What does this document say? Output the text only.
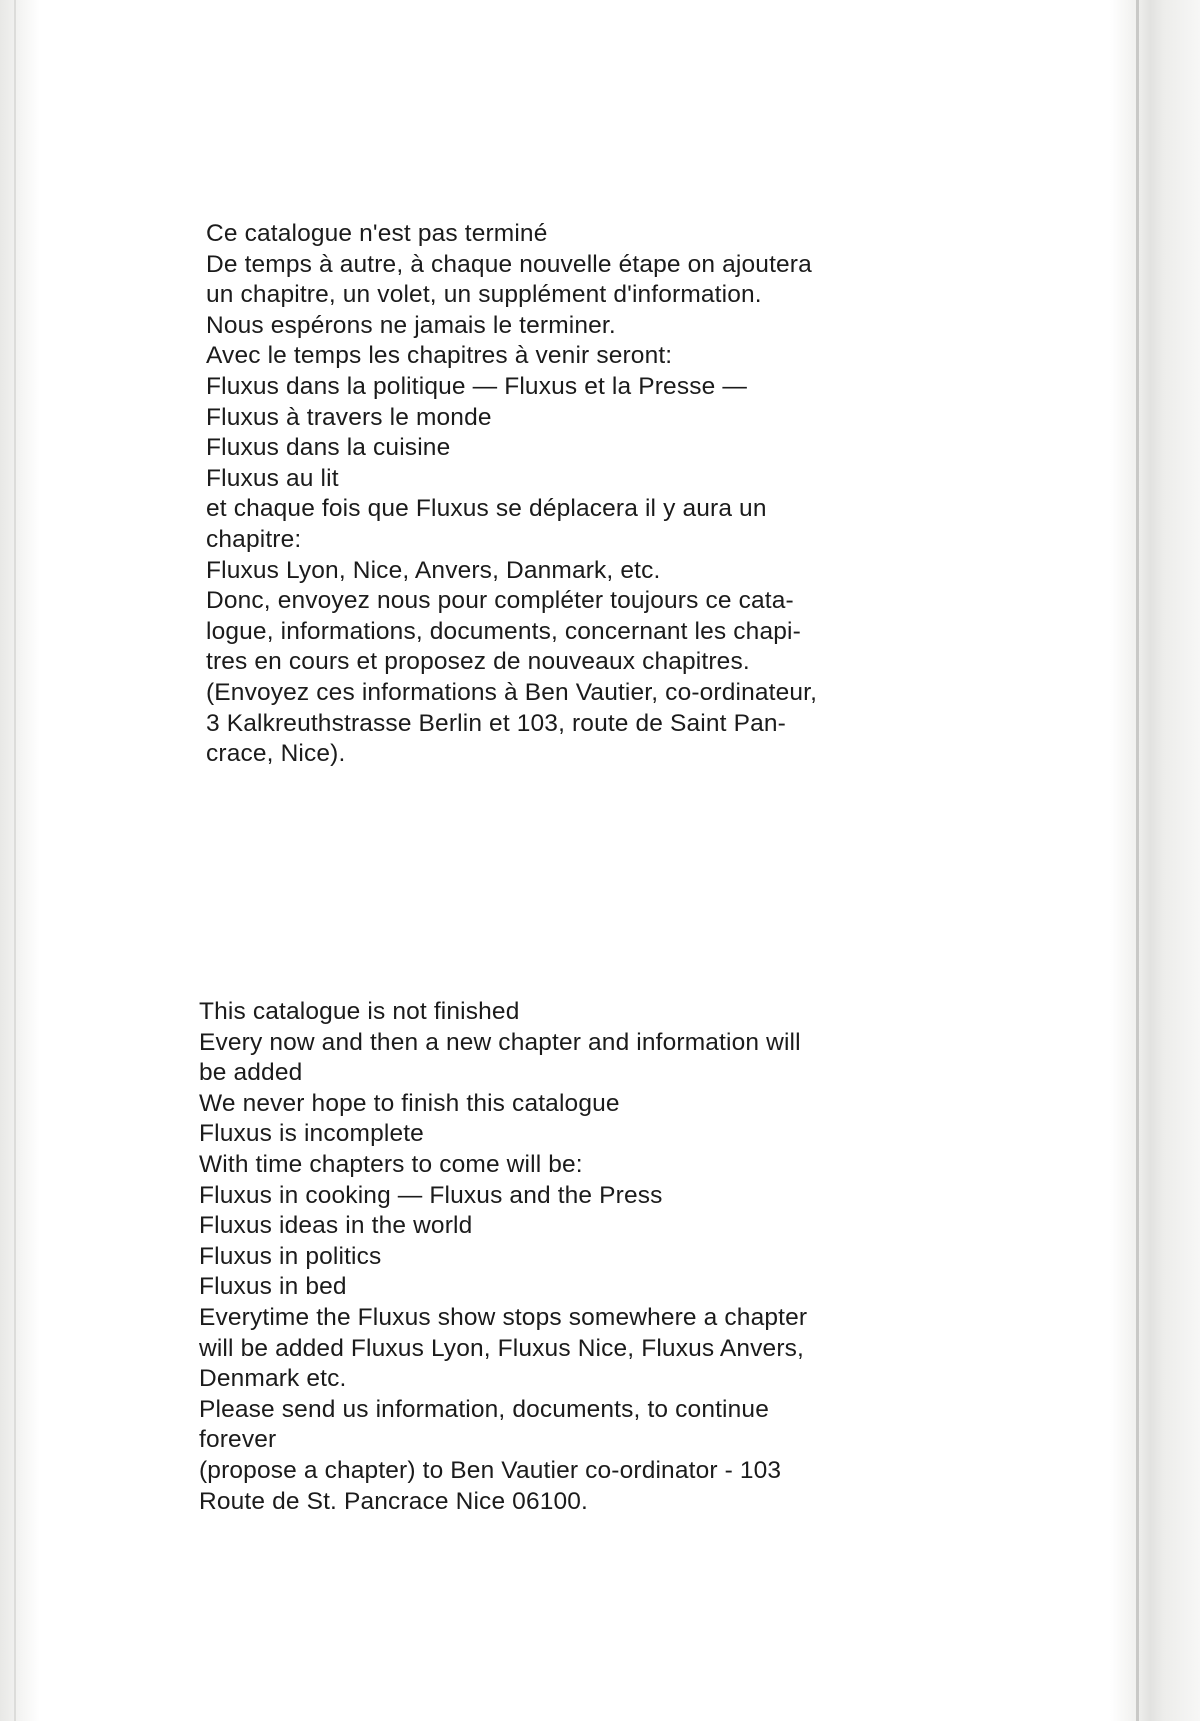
Ce catalogue n'est pas terminé
De temps à autre, à chaque nouvelle étape on ajoutera
un chapitre, un volet, un supplément d'information.
Nous espérons ne jamais le terminer.
Avec le temps les chapitres à venir seront:
Fluxus dans la politique — Fluxus et la Presse —
Fluxus à travers le monde
Fluxus dans la cuisine
Fluxus au lit
et chaque fois que Fluxus se déplacera il y aura un
chapitre:
Fluxus Lyon, Nice, Anvers, Danmark, etc.
Donc, envoyez nous pour compléter toujours ce cata-
logue, informations, documents, concernant les chapi-
tres en cours et proposez de nouveaux chapitres.
(Envoyez ces informations à Ben Vautier, co-ordinateur,
3 Kalkreuthstrasse Berlin et 103, route de Saint Pan-
crace, Nice).
This catalogue is not finished
Every now and then a new chapter and information will
be added
We never hope to finish this catalogue
Fluxus is incomplete
With time chapters to come will be:
Fluxus in cooking — Fluxus and the Press
Fluxus ideas in the world
Fluxus in politics
Fluxus in bed
Everytime the Fluxus show stops somewhere a chapter
will be added Fluxus Lyon, Fluxus Nice, Fluxus Anvers,
Denmark etc.
Please send us information, documents, to continue
forever
(propose a chapter) to Ben Vautier co-ordinator - 103
Route de St. Pancrace Nice 06100.
